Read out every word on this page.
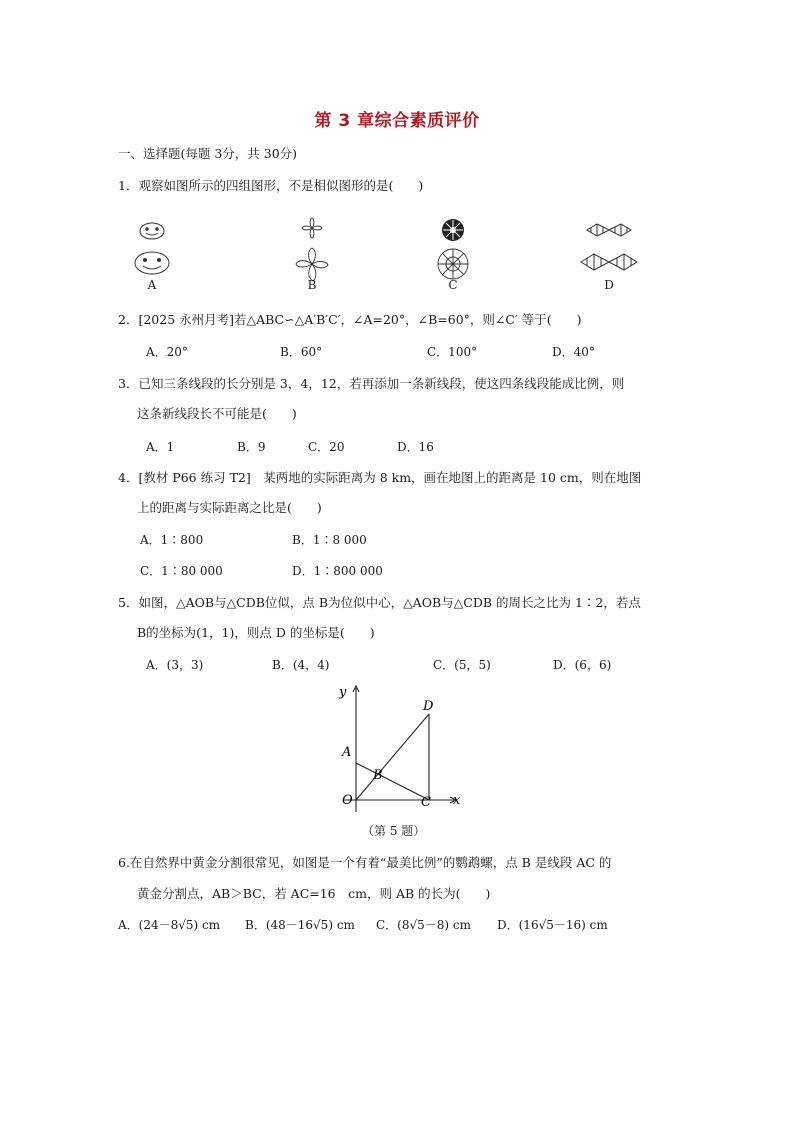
第 3 章综合素质评价
一、选择题(每题 3分，共 30分)
1．观察如图所示的四组图形，不是相似图形的是(　　)
A	B	C	D
2．[2025 永州月考]若△ABC∽△A′B′C′，∠A=20°，∠B=60°，则∠C′ 等于(　　)
A．20°	B．60°	C．100°	D．40°
3．已知三条线段的长分别是 3，4，12，若再添加一条新线段，使这四条线段能成比例，则
这条新线段长不可能是(　　)
A．1	B．9	C．20	D．16
4．[教材 P66 练习 T2]　某两地的实际距离为 8 km，画在地图上的距离是 10 cm，则在地图
上的距离与实际距离之比是(　　)
A．1∶800	B．1∶8 000
C．1∶80 000	D．1∶800 000
5．如图，△AOB与△CDB位似，点 B为位似中心，△AOB与△CDB 的周长之比为 1∶2，若点
B的坐标为(1，1)，则点 D 的坐标是(　　)
A．(3，3)	B．(4，4)	C．(5，5)	D．(6，6)
y
x
O
A
B
C
D
（第 5 题）
6.在自然界中黄金分割很常见，如图是一个有着“最美比例”的鹦鹉螺，点 B 是线段 AC 的
黄金分割点，AB＞BC，若 AC=16　cm，则 AB 的长为(　　)
A．(24－8√5) cm B．(48－16√5) cm C．(8√5－8) cm D．(16√5－16) cm
